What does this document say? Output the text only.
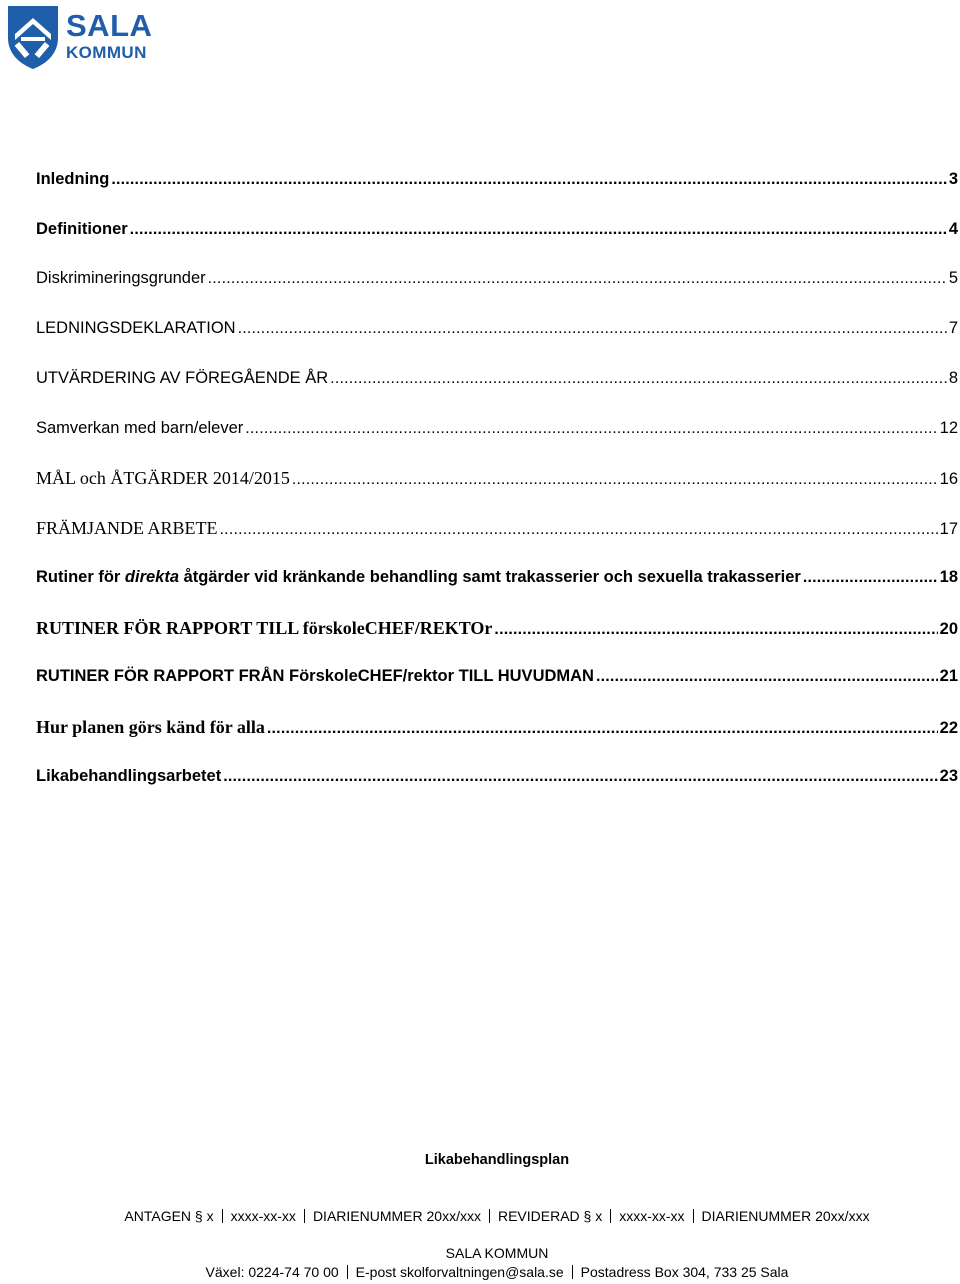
SALA
KOMMUN
Inledning .....	3
Definitioner .....	4
Diskrimineringsgrunder .....	5
LEDNINGSDEKLARATION .....	7
UTVÄRDERING AV FÖREGÅENDE ÅR .....	8
Samverkan med barn/elever .....	12
MÅL och ÅTGÄRDER 2014/2015 .....	16
FRÄMJANDE ARBETE .....	17
Rutiner för direkta åtgärder vid kränkande behandling samt trakasserier och sexuella trakasserier .....	18
RUTINER FÖR RAPPORT TILL förskoleCHEF/REKTOr .....	20
RUTINER FÖR RAPPORT FRÅN FörskoleCHEF/rektor TILL HUVUDMAN .....	21
Hur planen görs känd för alla .....	22
Likabehandlingsarbetet .....	23
Likabehandlingsplan
ANTAGEN § x xxxx-xx-xx DIARIENUMMER 20xx/xxx REVIDERAD § x xxxx-xx-xx DIARIENUMMER 20xx/xxx
SALA KOMMUN
Växel: 0224-74 70 00 E-post skolforvaltningen@sala.se Postadress Box 304, 733 25 Sala
